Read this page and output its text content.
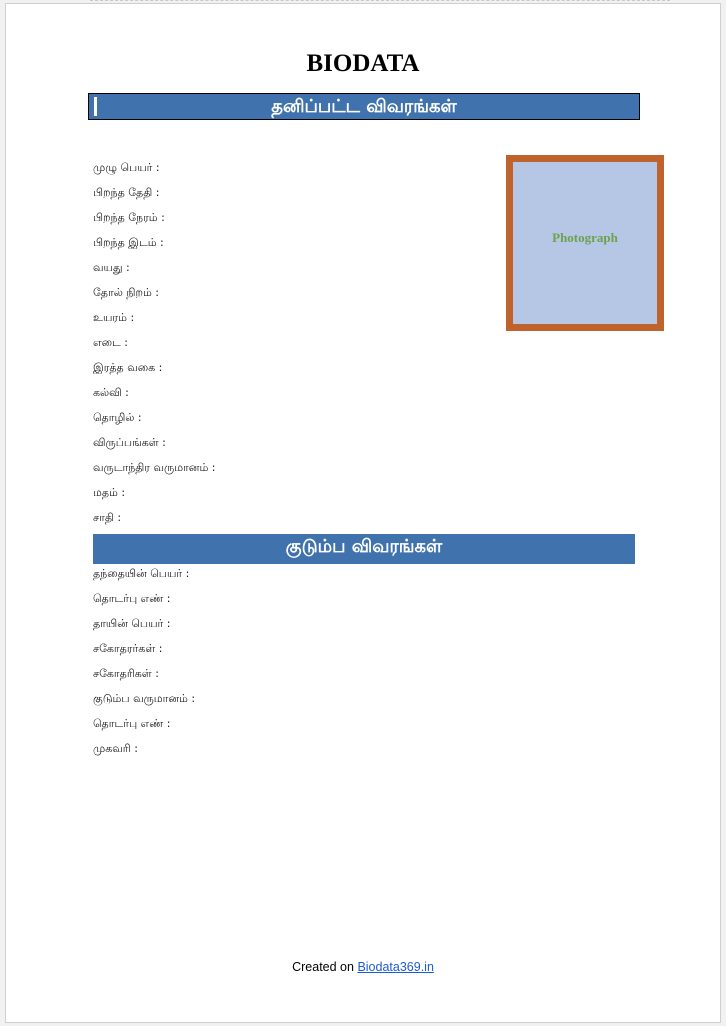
BIODATA
தனிப்பட்ட விவரங்கள்
முழு பெயர் :
பிறந்த தேதி :
பிறந்த நேரம் :
பிறந்த இடம் :
வயது :
தோல் நிறம் :
உயரம் :
எடை :
இரத்த வகை :
கல்வி :
தொழில் :
விருப்பங்கள் :
வருடாந்திர வருமானம் :
மதம் :
சாதி :
Photograph
குடும்ப விவரங்கள்
தந்தையின் பெயர் :
தொடர்பு எண் :
தாயின் பெயர் :
சகோதரர்கள் :
சகோதரிகள் :
குடும்ப வருமானம் :
தொடர்பு எண் :
முகவரி :
Created on Biodata369.in
